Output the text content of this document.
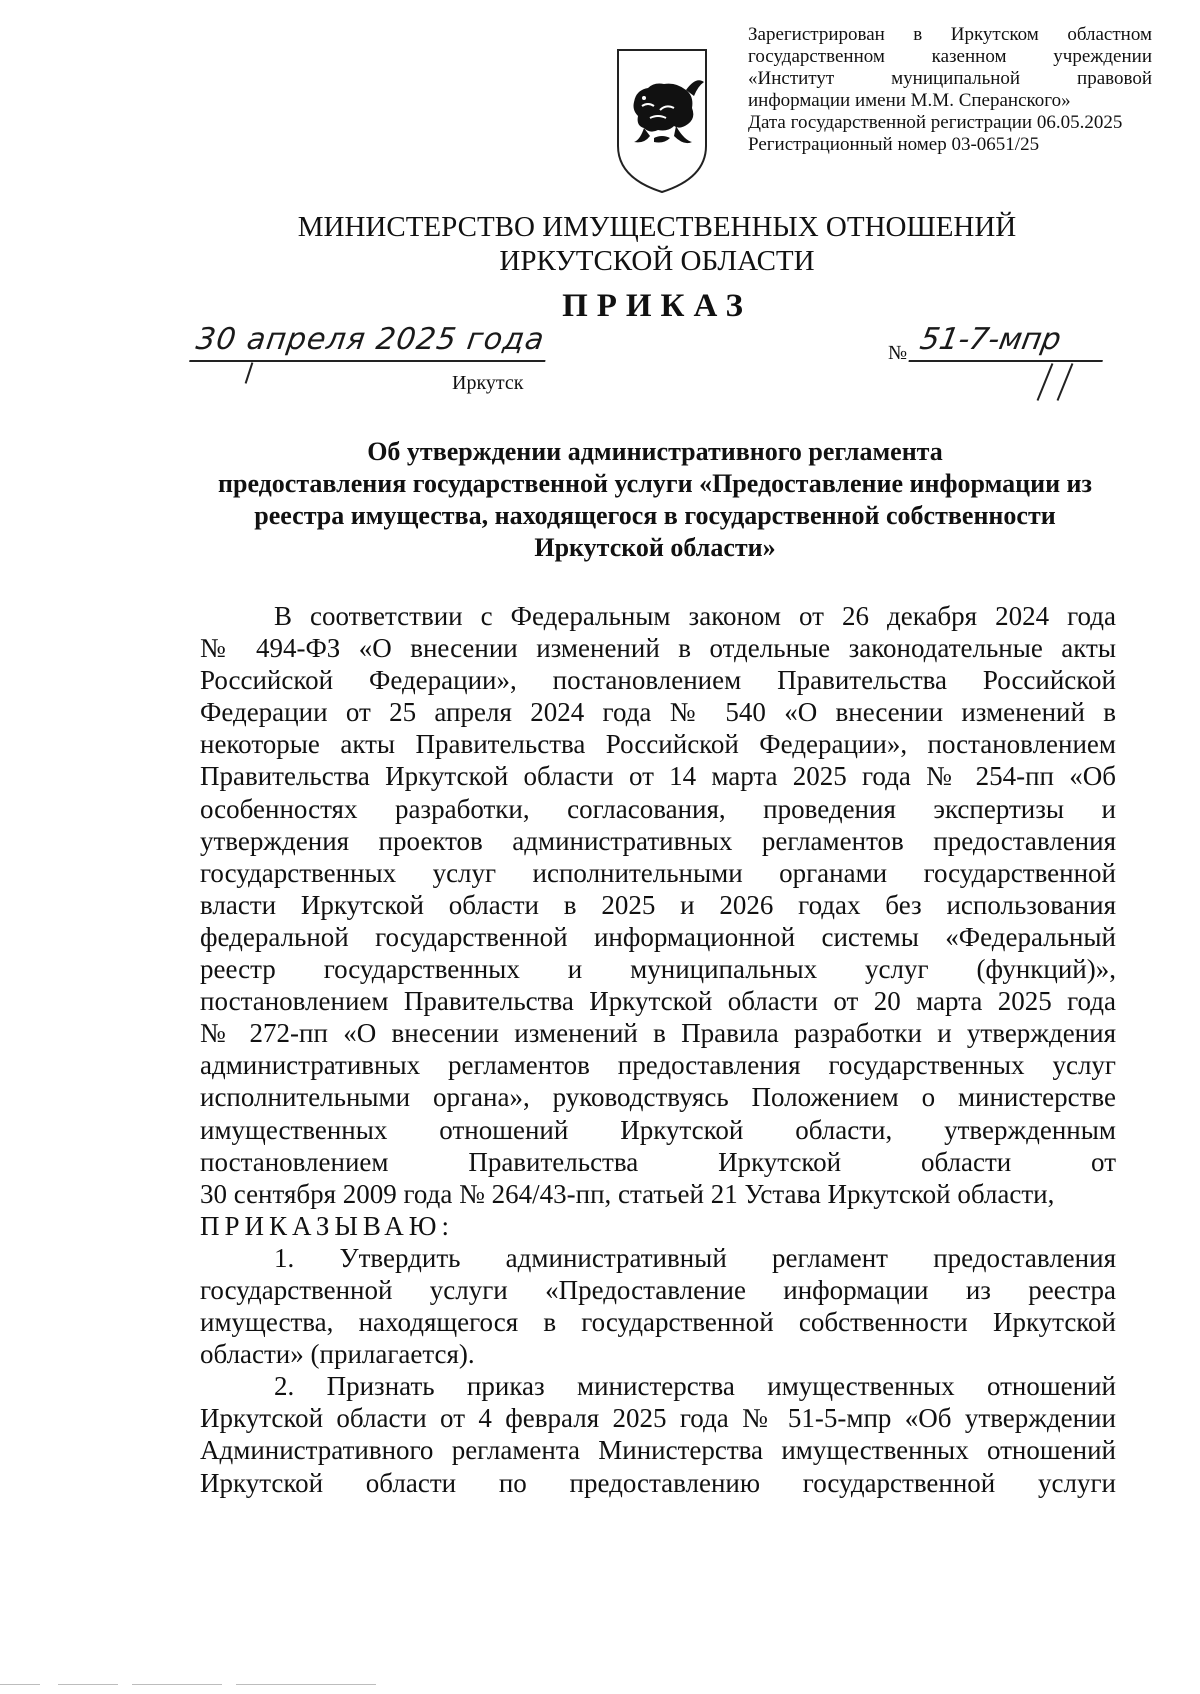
Зарегистрирован в Иркутском областном
государственном казенном учреждении
«Институт муниципальной правовой
информации имени М.М. Сперанского»
Дата государственной регистрации 06.05.2025
Регистрационный номер 03-0651/25
МИНИСТЕРСТВО ИМУЩЕСТВЕННЫХ ОТНОШЕНИЙ
ИРКУТСКОЙ ОБЛАСТИ
ПРИКАЗ
30 апреля 2025 года
Иркутск
№ 51-7-мпр
Об утверждении административного регламента
предоставления государственной услуги «Предоставление информации из
реестра имущества, находящегося в государственной собственности
Иркутской области»
В соответствии с Федеральным законом от 26 декабря 2024 года
№ 494-ФЗ «О внесении изменений в отдельные законодательные акты
Российской Федерации», постановлением Правительства Российской
Федерации от 25 апреля 2024 года № 540 «О внесении изменений в
некоторые акты Правительства Российской Федерации», постановлением
Правительства Иркутской области от 14 марта 2025 года № 254-пп «Об
особенностях разработки, согласования, проведения экспертизы и
утверждения проектов административных регламентов предоставления
государственных услуг исполнительными органами государственной
власти Иркутской области в 2025 и 2026 годах без использования
федеральной государственной информационной системы «Федеральный
реестр государственных и муниципальных услуг (функций)»,
постановлением Правительства Иркутской области от 20 марта 2025 года
№ 272-пп «О внесении изменений в Правила разработки и утверждения
административных регламентов предоставления государственных услуг
исполнительными органа», руководствуясь Положением о министерстве
имущественных отношений Иркутской области, утвержденным
постановлением Правительства Иркутской области от
30 сентября 2009 года № 264/43-пп, статьей 21 Устава Иркутской области,
ПРИКАЗЫВАЮ:
1. Утвердить административный регламент предоставления
государственной услуги «Предоставление информации из реестра
имущества, находящегося в государственной собственности Иркутской
области» (прилагается).
2. Признать приказ министерства имущественных отношений
Иркутской области от 4 февраля 2025 года № 51-5-мпр «Об утверждении
Административного регламента Министерства имущественных отношений
Иркутской области по предоставлению государственной услуги
